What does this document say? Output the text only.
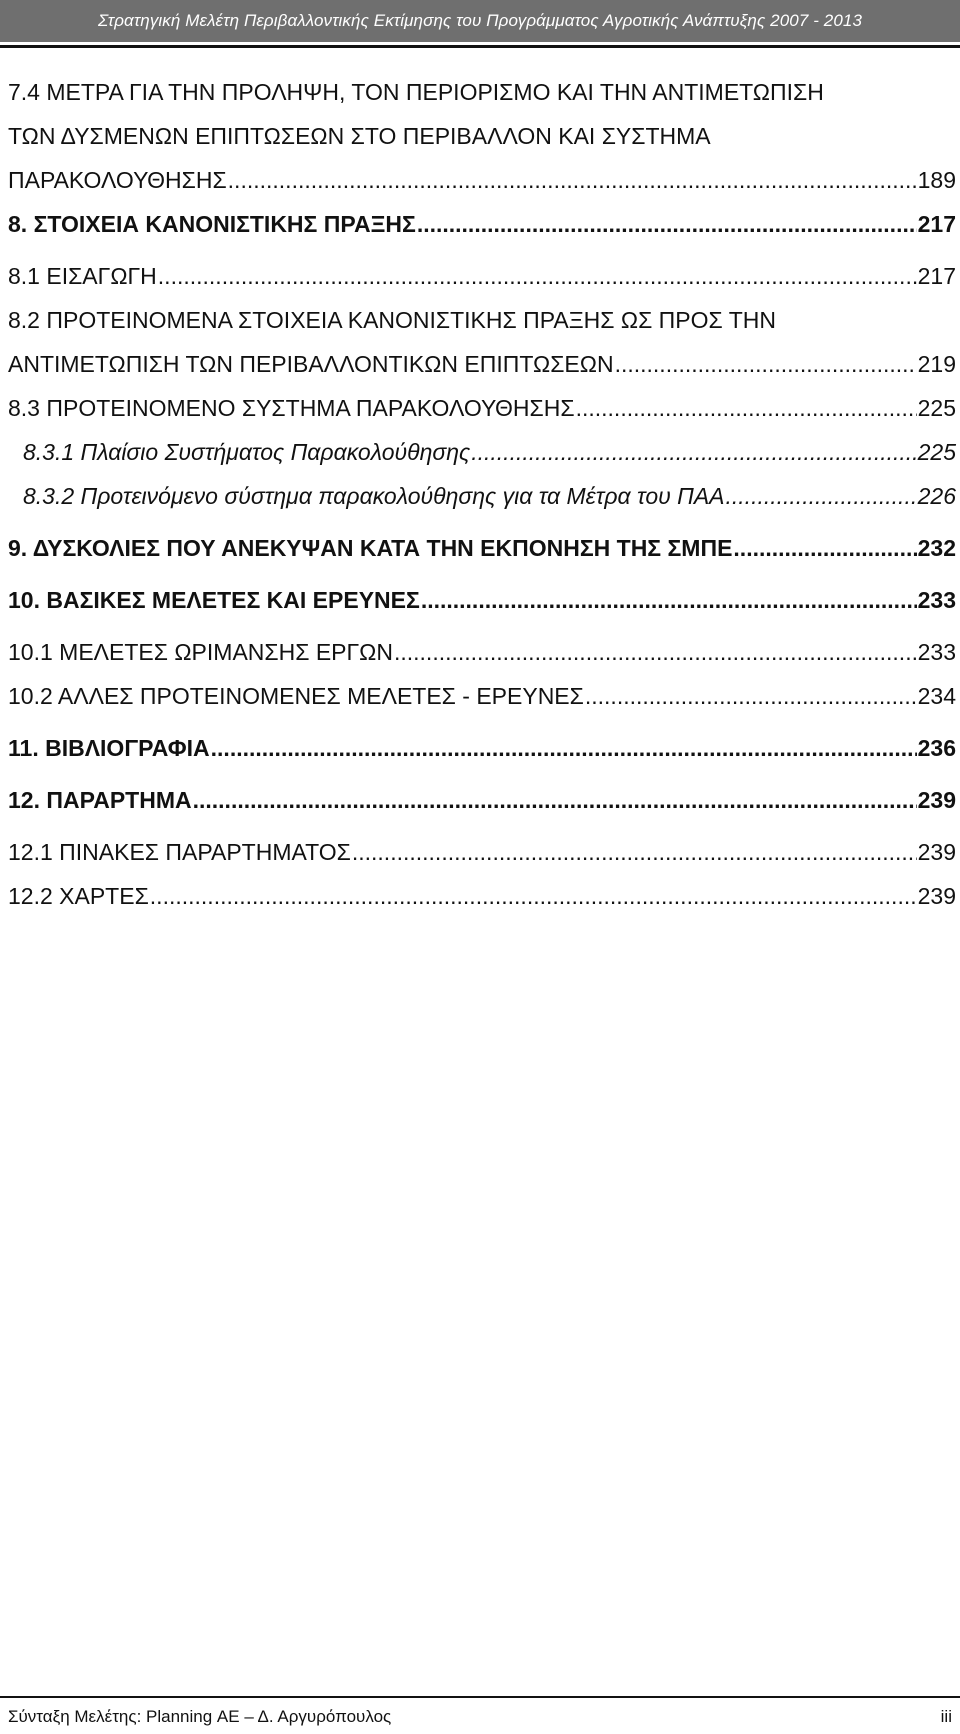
Στρατηγική Μελέτη Περιβαλλοντικής Εκτίμησης του Προγράμματος Αγροτικής Ανάπτυξης 2007 - 2013
7.4 ΜΕΤΡΑ ΓΙΑ ΤΗΝ ΠΡΟΛΗΨΗ, ΤΟΝ ΠΕΡΙΟΡΙΣΜΟ ΚΑΙ ΤΗΝ ΑΝΤΙΜΕΤΩΠΙΣΗ
ΤΩΝ ΔΥΣΜΕΝΩΝ ΕΠΙΠΤΩΣΕΩΝ ΣΤΟ ΠΕΡΙΒΑΛΛΟΝ ΚΑΙ ΣΥΣΤΗΜΑ
ΠΑΡΑΚΟΛΟΥΘΗΣΗΣ .....	189
8. ΣΤΟΙΧΕΙΑ ΚΑΝΟΝΙΣΤΙΚΗΣ ΠΡΑΞΗΣ .....	217
8.1 ΕΙΣΑΓΩΓΗ .....	217
8.2 ΠΡΟΤΕΙΝΟΜΕΝΑ ΣΤΟΙΧΕΙΑ ΚΑΝΟΝΙΣΤΙΚΗΣ ΠΡΑΞΗΣ ΩΣ ΠΡΟΣ ΤΗΝ
ΑΝΤΙΜΕΤΩΠΙΣΗ ΤΩΝ ΠΕΡΙΒΑΛΛΟΝΤΙΚΩΝ ΕΠΙΠΤΩΣΕΩΝ .....	219
8.3 ΠΡΟΤΕΙΝΟΜΕΝΟ ΣΥΣΤΗΜΑ ΠΑΡΑΚΟΛΟΥΘΗΣΗΣ .....	225
8.3.1 Πλαίσιο Συστήματος Παρακολούθησης .....	225
8.3.2 Προτεινόμενο σύστημα παρακολούθησης για τα Μέτρα του ΠΑΑ .....	226
9. ΔΥΣΚΟΛΙΕΣ ΠΟΥ ΑΝΕΚΥΨΑΝ ΚΑΤΑ ΤΗΝ ΕΚΠΟΝΗΣΗ ΤΗΣ ΣΜΠΕ .....	232
10. ΒΑΣΙΚΕΣ ΜΕΛΕΤΕΣ ΚΑΙ ΕΡΕΥΝΕΣ .....	233
10.1 ΜΕΛΕΤΕΣ ΩΡΙΜΑΝΣΗΣ ΕΡΓΩΝ .....	233
10.2 ΑΛΛΕΣ ΠΡΟΤΕΙΝΟΜΕΝΕΣ ΜΕΛΕΤΕΣ - ΕΡΕΥΝΕΣ .....	234
11. ΒΙΒΛΙΟΓΡΑΦΙΑ .....	236
12. ΠΑΡΑΡΤΗΜΑ .....	239
12.1 ΠΙΝΑΚΕΣ ΠΑΡΑΡΤΗΜΑΤΟΣ .....	239
12.2 ΧΑΡΤΕΣ .....	239
Σύνταξη Μελέτης: Planning ΑΕ – Δ. Αργυρόπουλος	iii
